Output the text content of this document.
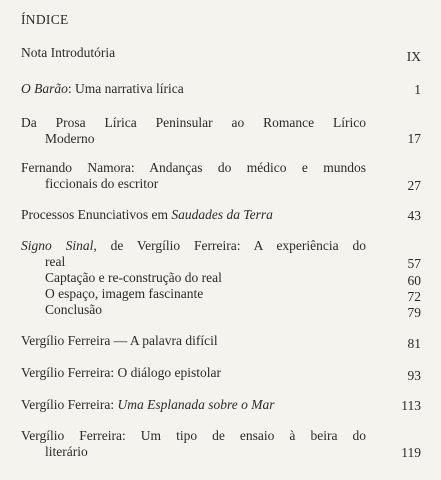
ÍNDICE
Nota Introdutória	IX
O Barão: Uma narrativa lírica	1
Da Prosa Lírica Peninsular ao Romance Lírico
Moderno	17
Fernando Namora: Andanças do médico e mundos
ficcionais do escritor	27
Processos Enunciativos em Saudades da Terra	43
Signo Sinal, de Vergílio Ferreira: A experiência do
real	57
Captação e re-construção do real	60
O espaço, imagem fascinante	72
Conclusão	79
Vergílio Ferreira — A palavra difícil	81
Vergílio Ferreira: O diálogo epistolar	93
Vergílio Ferreira: Uma Esplanada sobre o Mar	113
Vergílio Ferreira: Um tipo de ensaio à beira do
literário	119
